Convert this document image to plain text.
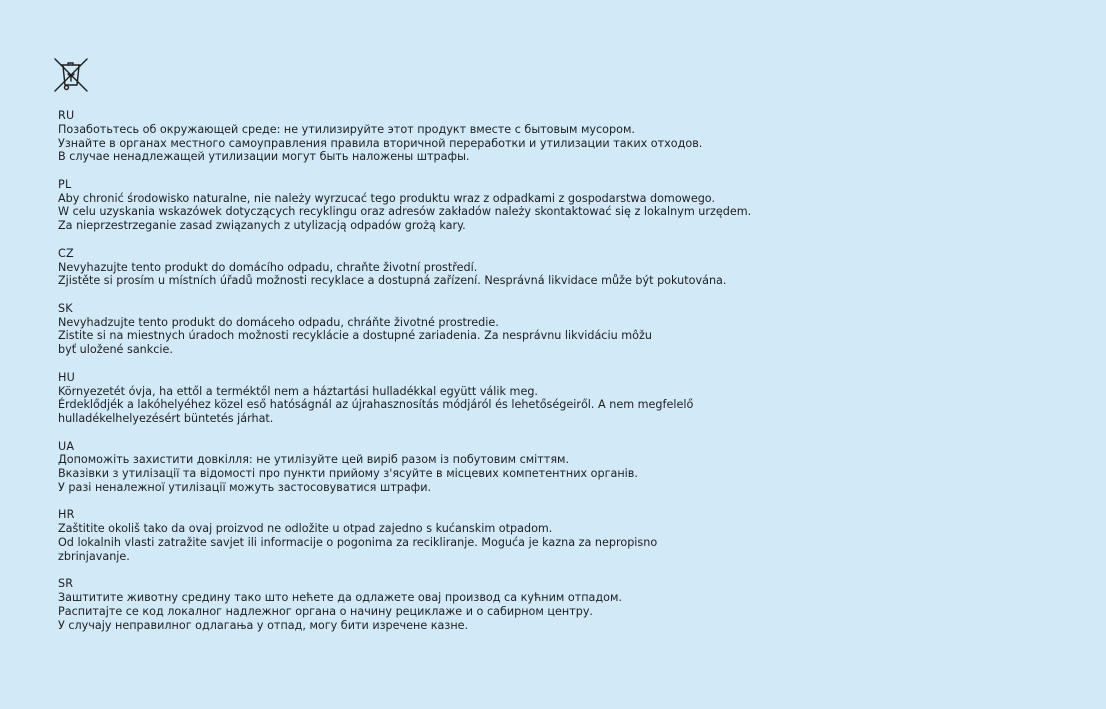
RU
Позаботьтесь об окружающей среде: не утилизируйте этот продукт вместе с бытовым мусором.
Узнайте в органах местного самоуправления правила вторичной переработки и утилизации таких отходов.
В случае ненадлежащей утилизации могут быть наложены штрафы.
PL
Aby chronić środowisko naturalne, nie należy wyrzucać tego produktu wraz z odpadkami z gospodarstwa domowego.
W celu uzyskania wskazówek dotyczących recyklingu oraz adresów zakładów należy skontaktować się z lokalnym urzędem.
Za nieprzestrzeganie zasad związanych z utylizacją odpadów grożą kary.
CZ
Nevyhazujte tento produkt do domácího odpadu, chraňte životní prostředí.
Zjistěte si prosím u místních úřadů možnosti recyklace a dostupná zařízení. Nesprávná likvidace může být pokutována.
SK
Nevyhadzujte tento produkt do domáceho odpadu, chráňte životné prostredie.
Zistite si na miestnych úradoch možnosti recyklácie a dostupné zariadenia. Za nesprávnu likvidáciu môžu
byť uložené sankcie.
HU
Környezetét óvja, ha ettől a terméktől nem a háztartási hulladékkal együtt válik meg.
Érdeklődjék a lakóhelyéhez közel eső hatóságnál az újrahasznosítás módjáról és lehetőségeiről. A nem megfelelő
hulladékelhelyezésért büntetés járhat.
UA
Допоможіть захистити довкілля: не утилізуйте цей виріб разом із побутовим сміттям.
Вказівки з утилізації та відомості про пункти прийому з'ясуйте в місцевих компетентних органів.
У разі неналежної утилізації можуть застосовуватися штрафи.
HR
Zaštitite okoliš tako da ovaj proizvod ne odložite u otpad zajedno s kućanskim otpadom.
Od lokalnih vlasti zatražite savjet ili informacije o pogonima za recikliranje. Moguća je kazna za nepropisno
zbrinjavanje.
SR
Заштитите животну средину тако што нећете да одлажете овај производ са кућним отпадом.
Распитајте се код локалног надлежног органа о начину рециклаже и о сабирном центру.
У случају неправилног одлагања у отпад, могу бити изречене казне.
